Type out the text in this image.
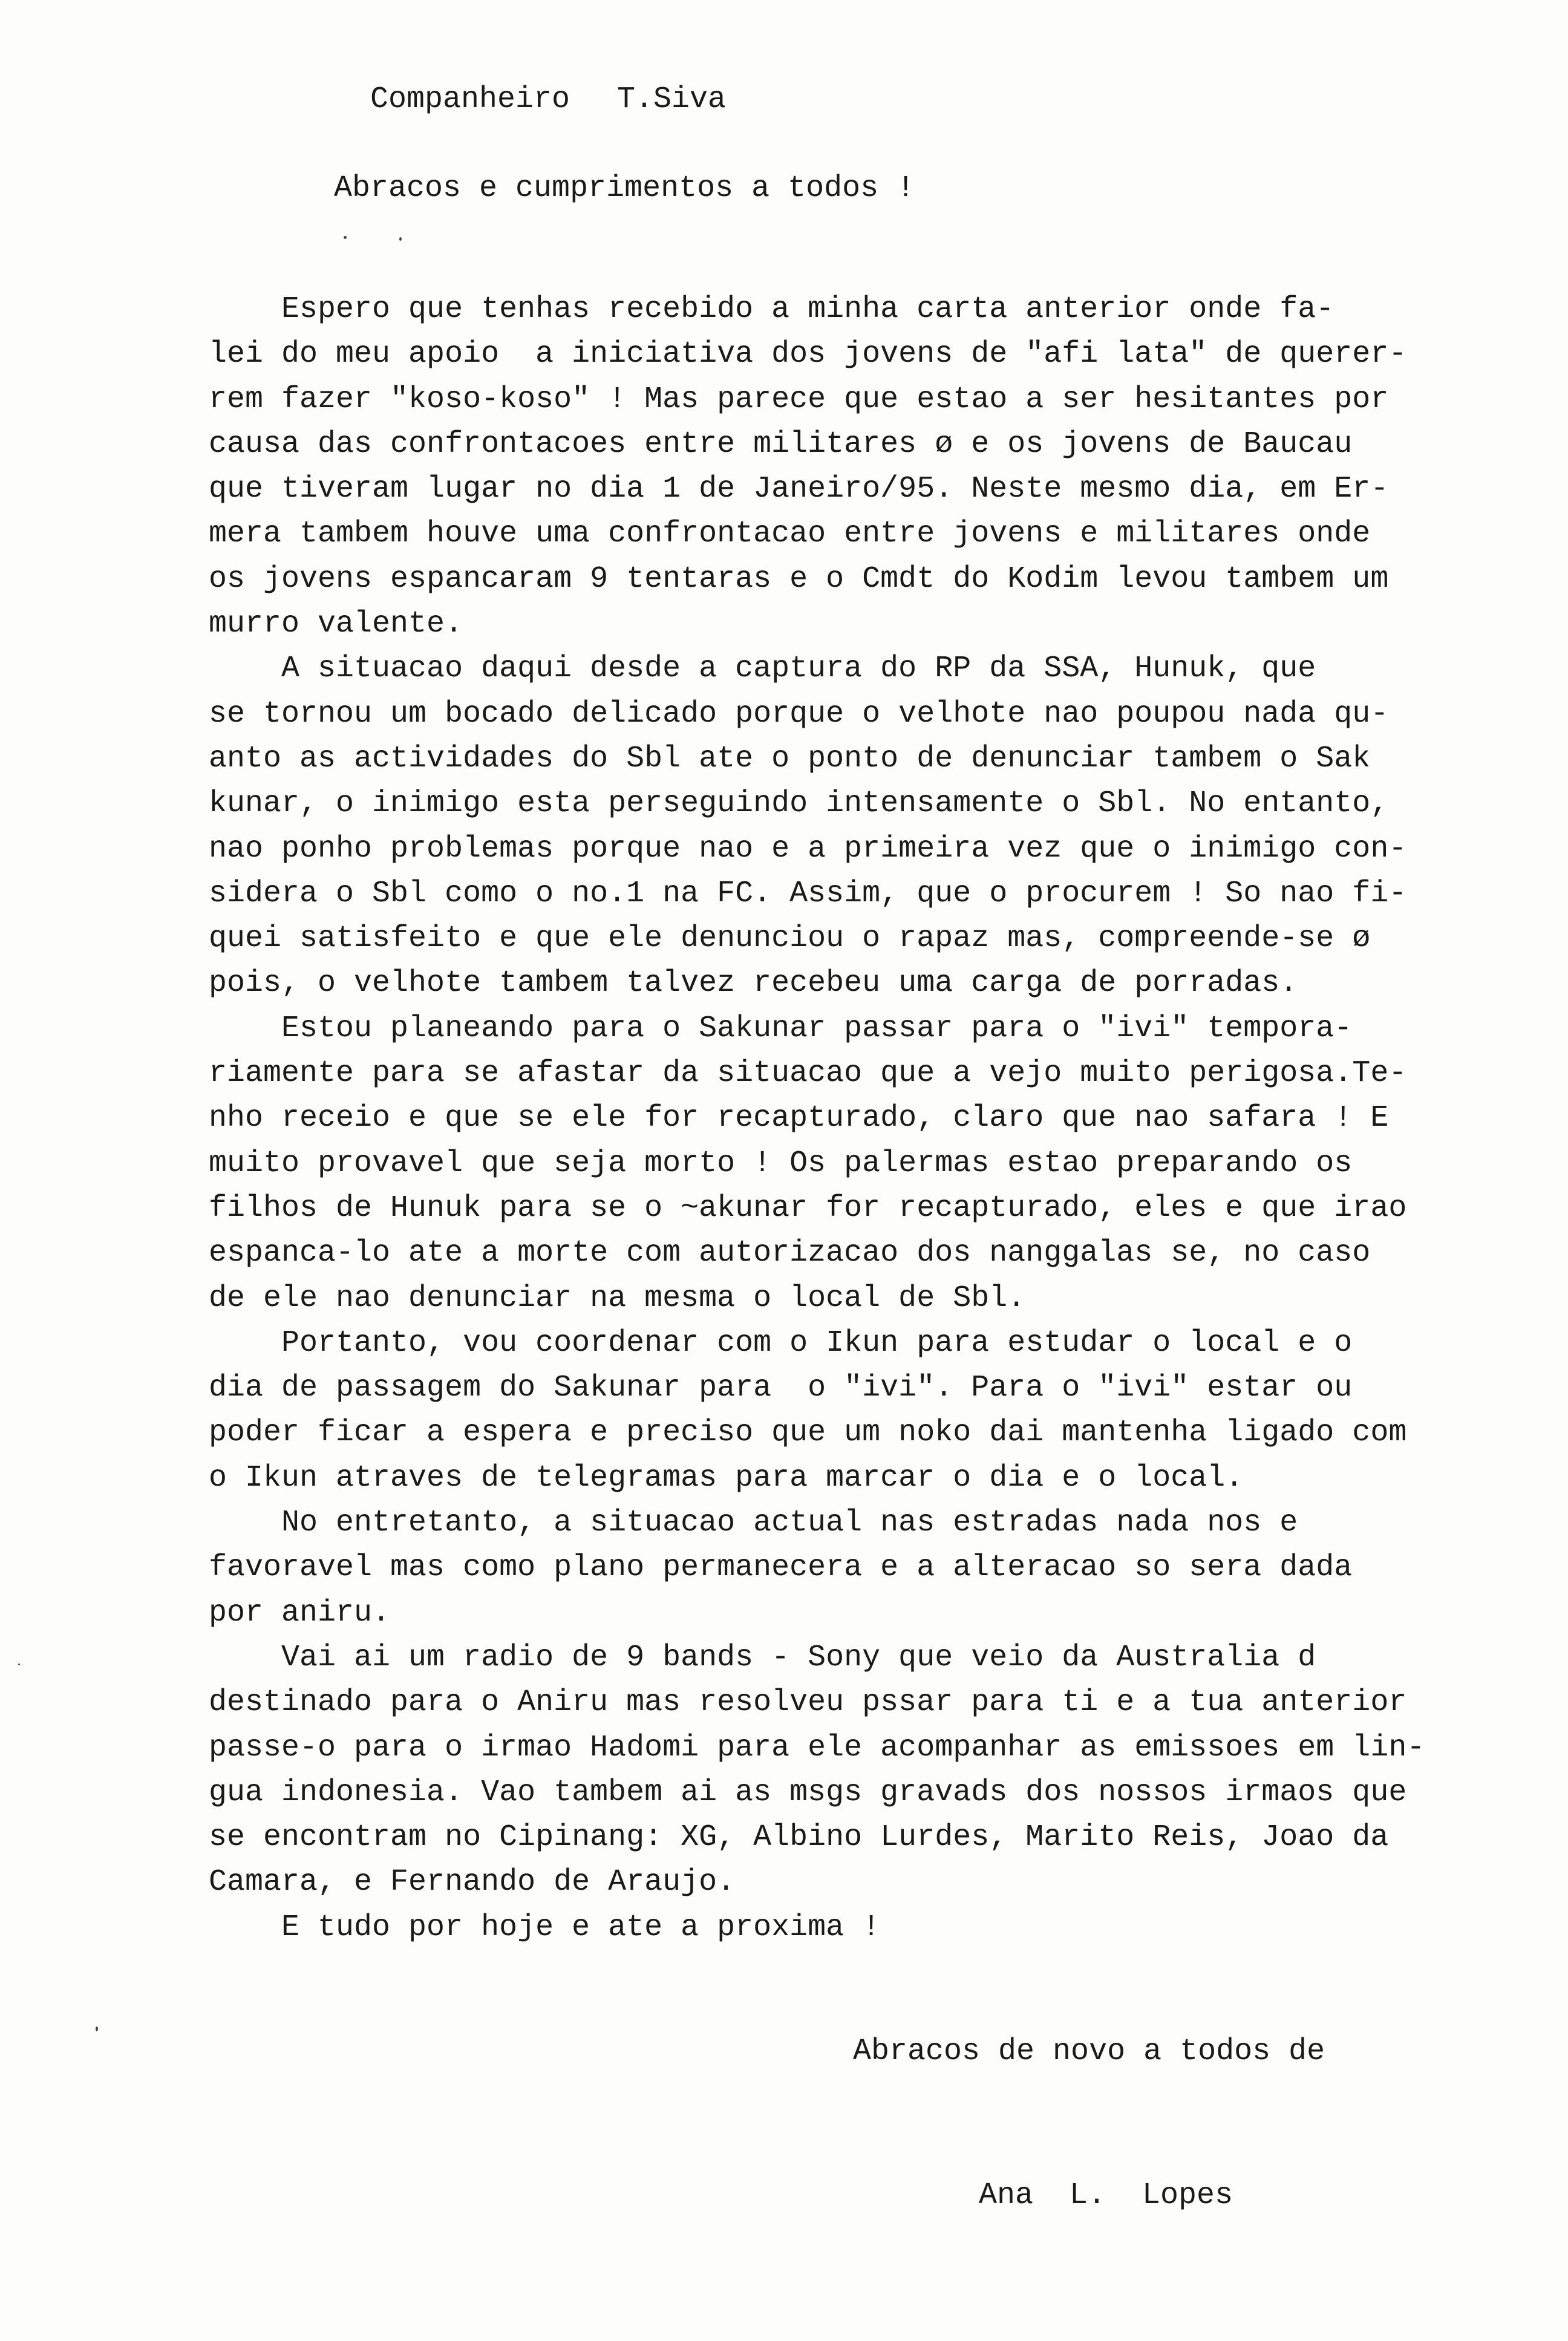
Companheiro T.Siva
Abracos e cumprimentos a todos !
Espero que tenhas recebido a minha carta anterior onde fa-
lei do meu apoio  a iniciativa dos jovens de "afi lata" de querer-
rem fazer "koso-koso" ! Mas parece que estao a ser hesitantes por
causa das confrontacoes entre militares ø e os jovens de Baucau
que tiveram lugar no dia 1 de Janeiro/95. Neste mesmo dia, em Er-
mera tambem houve uma confrontacao entre jovens e militares onde
os jovens espancaram 9 tentaras e o Cmdt do Kodim levou tambem um
murro valente.
A situacao daqui desde a captura do RP da SSA, Hunuk, que
se tornou um bocado delicado porque o velhote nao poupou nada qu-
anto as actividades do Sbl ate o ponto de denunciar tambem o Sak
kunar, o inimigo esta perseguindo intensamente o Sbl. No entanto,
nao ponho problemas porque nao e a primeira vez que o inimigo con-
sidera o Sbl como o no.1 na FC. Assim, que o procurem ! So nao fi-
quei satisfeito e que ele denunciou o rapaz mas, compreende-se ø
pois, o velhote tambem talvez recebeu uma carga de porradas.
Estou planeando para o Sakunar passar para o "ivi" tempora-
riamente para se afastar da situacao que a vejo muito perigosa.Te-
nho receio e que se ele for recapturado, claro que nao safara ! E
muito provavel que seja morto ! Os palermas estao preparando os
filhos de Hunuk para se o ~akunar for recapturado, eles e que irao
espanca-lo ate a morte com autorizacao dos nanggalas se, no caso
de ele nao denunciar na mesma o local de Sbl.
Portanto, vou coordenar com o Ikun para estudar o local e o
dia de passagem do Sakunar para  o "ivi". Para o "ivi" estar ou
poder ficar a espera e preciso que um noko dai mantenha ligado com
o Ikun atraves de telegramas para marcar o dia e o local.
No entretanto, a situacao actual nas estradas nada nos e
favoravel mas como plano permanecera e a alteracao so sera dada
por aniru.
Vai ai um radio de 9 bands - Sony que veio da Australia d
destinado para o Aniru mas resolveu pssar para ti e a tua anterior
passe-o para o irmao Hadomi para ele acompanhar as emissoes em lin-
gua indonesia. Vao tambem ai as msgs gravads dos nossos irmaos que
se encontram no Cipinang: XG, Albino Lurdes, Marito Reis, Joao da
Camara, e Fernando de Araujo.
E tudo por hoje e ate a proxima !
Abracos de novo a todos de
Ana  L.  Lopes
